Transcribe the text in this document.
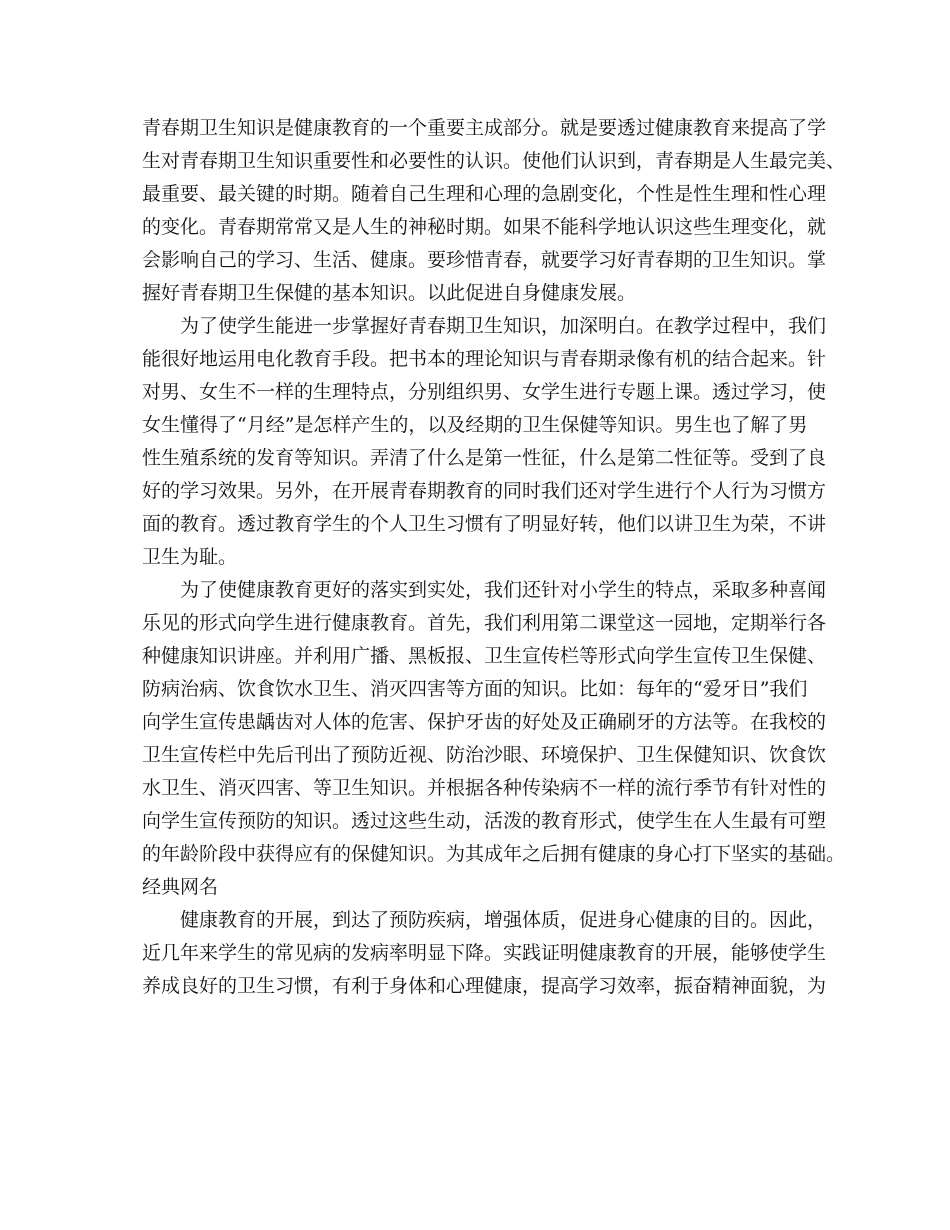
青春期卫生知识是健康教育的一个重要主成部分。就是要透过健康教育来提高了学
生对青春期卫生知识重要性和必要性的认识。使他们认识到，青春期是人生最完美、
最重要、最关键的时期。随着自己生理和心理的急剧变化，个性是性生理和性心理
的变化。青春期常常又是人生的神秘时期。如果不能科学地认识这些生理变化，就
会影响自己的学习、生活、健康。要珍惜青春，就要学习好青春期的卫生知识。掌
握好青春期卫生保健的基本知识。以此促进自身健康发展。
为了使学生能进一步掌握好青春期卫生知识，加深明白。在教学过程中，我们
能很好地运用电化教育手段。把书本的理论知识与青春期录像有机的结合起来。针
对男、女生不一样的生理特点，分别组织男、女学生进行专题上课。透过学习，使
女生懂得了“月经”是怎样产生的，以及经期的卫生保健等知识。男生也了解了男
性生殖系统的发育等知识。弄清了什么是第一性征，什么是第二性征等。受到了良
好的学习效果。另外，在开展青春期教育的同时我们还对学生进行个人行为习惯方
面的教育。透过教育学生的个人卫生习惯有了明显好转，他们以讲卫生为荣，不讲
卫生为耻。
为了使健康教育更好的落实到实处，我们还针对小学生的特点，采取多种喜闻
乐见的形式向学生进行健康教育。首先，我们利用第二课堂这一园地，定期举行各
种健康知识讲座。并利用广播、黑板报、卫生宣传栏等形式向学生宣传卫生保健、
防病治病、饮食饮水卫生、消灭四害等方面的知识。比如：每年的“爱牙日”我们
向学生宣传患龋齿对人体的危害、保护牙齿的好处及正确刷牙的方法等。在我校的
卫生宣传栏中先后刊出了预防近视、防治沙眼、环境保护、卫生保健知识、饮食饮
水卫生、消灭四害、等卫生知识。并根据各种传染病不一样的流行季节有针对性的
向学生宣传预防的知识。透过这些生动，活泼的教育形式，使学生在人生最有可塑
的年龄阶段中获得应有的保健知识。为其成年之后拥有健康的身心打下坚实的基础。
经典网名
健康教育的开展，到达了预防疾病，增强体质，促进身心健康的目的。因此，
近几年来学生的常见病的发病率明显下降。实践证明健康教育的开展，能够使学生
养成良好的卫生习惯，有利于身体和心理健康，提高学习效率，振奋精神面貌，为
